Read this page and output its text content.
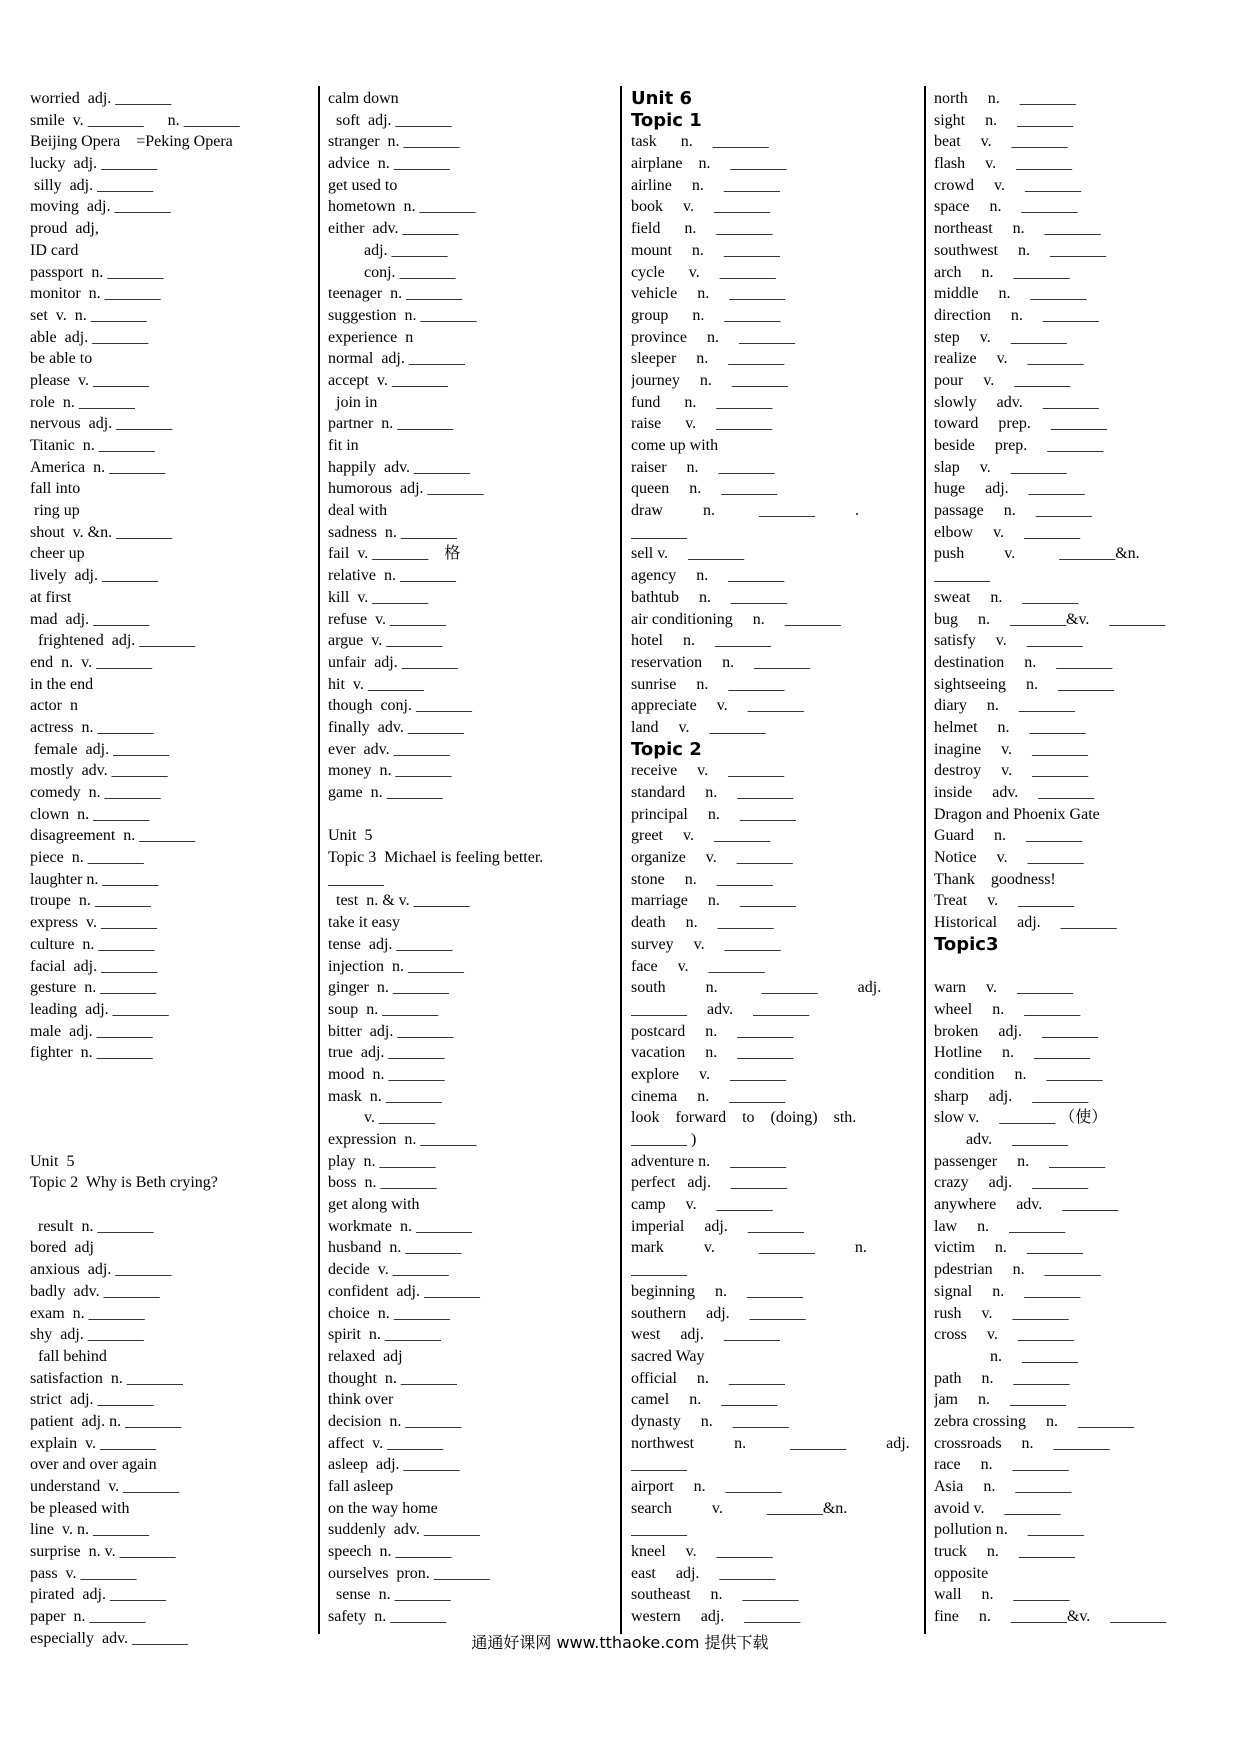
worried  adj. _______
smile  v. _______      n. _______
Beijing Opera    =Peking Opera
lucky  adj. _______
silly  adj. _______
moving  adj. _______
proud  adj,
ID card
passport  n. _______
monitor  n. _______
set  v.  n. _______
able  adj. _______
be able to
please  v. _______
role  n. _______
nervous  adj. _______
Titanic  n. _______
America  n. _______
fall into
ring up
shout  v. &n. _______
cheer up
lively  adj. _______
at first
mad  adj. _______
frightened  adj. _______
end  n.  v. _______
in the end
actor  n
actress  n. _______
female  adj. _______
mostly  adv. _______
comedy  n. _______
clown  n. _______
disagreement  n. _______
piece  n. _______
laughter n. _______
troupe  n. _______
express  v. _______
culture  n. _______
facial  adj. _______
gesture  n. _______
leading  adj. _______
male  adj. _______
fighter  n. _______
Unit  5
Topic 2  Why is Beth crying?
result  n. _______
bored  adj
anxious  adj. _______
badly  adv. _______
exam  n. _______
shy  adj. _______
fall behind
satisfaction  n. _______
strict  adj. _______
patient  adj. n. _______
explain  v. _______
over and over again
understand  v. _______
be pleased with
line  v. n. _______
surprise  n. v. _______
pass  v. _______
pirated  adj. _______
paper  n. _______
especially  adv. _______
calm down
soft  adj. _______
stranger  n. _______
advice  n. _______
get used to
hometown  n. _______
either  adv. _______
adj. _______
conj. _______
teenager  n. _______
suggestion  n. _______
experience  n
normal  adj. _______
accept  v. _______
join in
partner  n. _______
fit in
happily  adv. _______
humorous  adj. _______
deal with
sadness  n. _______
fail  v. _______    格
relative  n. _______
kill  v. _______
refuse  v. _______
argue  v. _______
unfair  adj. _______
hit  v. _______
though  conj. _______
finally  adv. _______
ever  adv. _______
money  n. _______
game  n. _______
Unit  5
Topic 3  Michael is feeling better.
_______
test  n. & v. _______
take it easy
tense  adj. _______
injection  n. _______
ginger  n. _______
soup  n. _______
bitter  adj. _______
true  adj. _______
mood  n. _______
mask  n. _______
v. _______
expression  n. _______
play  n. _______
boss  n. _______
get along with
workmate  n. _______
husband  n. _______
decide  v. _______
confident  adj. _______
choice  n. _______
spirit  n. _______
relaxed  adj
thought  n. _______
think over
decision  n. _______
affect  v. _______
asleep  adj. _______
fall asleep
on the way home
suddenly  adv. _______
speech  n. _______
ourselves  pron. _______
sense  n. _______
safety  n. _______
Unit 6
Topic 1
task      n.     _______
airplane    n.     _______
airline     n.     _______
book     v.     _______
field      n.     _______
mount     n.     _______
cycle      v.     _______
vehicle     n.     _______
group      n.     _______
province     n.     _______
sleeper     n.     _______
journey     n.     _______
fund      n.     _______
raise      v.     _______
come up with
raiser     n.     _______
queen     n.     _______
draw          n.           _______          .
_______
sell v.     _______
agency     n.     _______
bathtub     n.     _______
air conditioning     n.     _______
hotel     n.     _______
reservation     n.     _______
sunrise     n.     _______
appreciate     v.     _______
land     v.     _______
Topic 2
receive     v.     _______
standard     n.     _______
principal     n.     _______
greet     v.     _______
organize     v.     _______
stone     n.     _______
marriage     n.     _______
death     n.     _______
survey     v.     _______
face     v.     _______
south          n.           _______          adj.
_______     adv.     _______
postcard     n.     _______
vacation     n.     _______
explore     v.     _______
cinema     n.     _______
look    forward    to    (doing)    sth.
_______ )
adventure n.     _______
perfect   adj.     _______
camp     v.     _______
imperial     adj.     _______
mark          v.           _______          n.
_______
beginning     n.     _______
southern     adj.     _______
west     adj.     _______
sacred Way
official     n.     _______
camel     n.     _______
dynasty     n.     _______
northwest          n.           _______          adj.
_______
airport     n.     _______
search          v.           _______&n.
_______
kneel     v.     _______
east     adj.     _______
southeast     n.     _______
western     adj.     _______
north     n.     _______
sight     n.     _______
beat     v.     _______
flash     v.     _______
crowd     v.     _______
space     n.     _______
northeast     n.     _______
southwest     n.     _______
arch     n.     _______
middle     n.     _______
direction     n.     _______
step     v.     _______
realize     v.     _______
pour     v.     _______
slowly     adv.     _______
toward     prep.     _______
beside     prep.     _______
slap     v.     _______
huge     adj.     _______
passage     n.     _______
elbow     v.     _______
push          v.           _______&n.
_______
sweat     n.     _______
bug     n.     _______&v.     _______
satisfy     v.     _______
destination     n.     _______
sightseeing     n.     _______
diary     n.     _______
helmet     n.     _______
inagine     v.     _______
destroy     v.     _______
inside     adv.     _______
Dragon and Phoenix Gate
Guard     n.     _______
Notice     v.     _______
Thank    goodness!
Treat     v.     _______
Historical     adj.     _______
Topic3
warn     v.     _______
wheel     n.     _______
broken     adj.     _______
Hotline     n.     _______
condition     n.     _______
sharp     adj.     _______
slow v.     _______ （使）
adv.     _______
passenger     n.     _______
crazy     adj.     _______
anywhere     adv.     _______
law     n.     _______
victim     n.     _______
pdestrian     n.     _______
signal     n.     _______
rush     v.     _______
cross     v.     _______
n.     _______
path     n.     _______
jam     n.     _______
zebra crossing     n.     _______
crossroads     n.     _______
race     n.     _______
Asia     n.     _______
avoid v.     _______
pollution n.     _______
truck     n.     _______
opposite
wall     n.     _______
fine     n.     _______&v.     _______
通通好课网 www.tthaoke.com 提供下载
